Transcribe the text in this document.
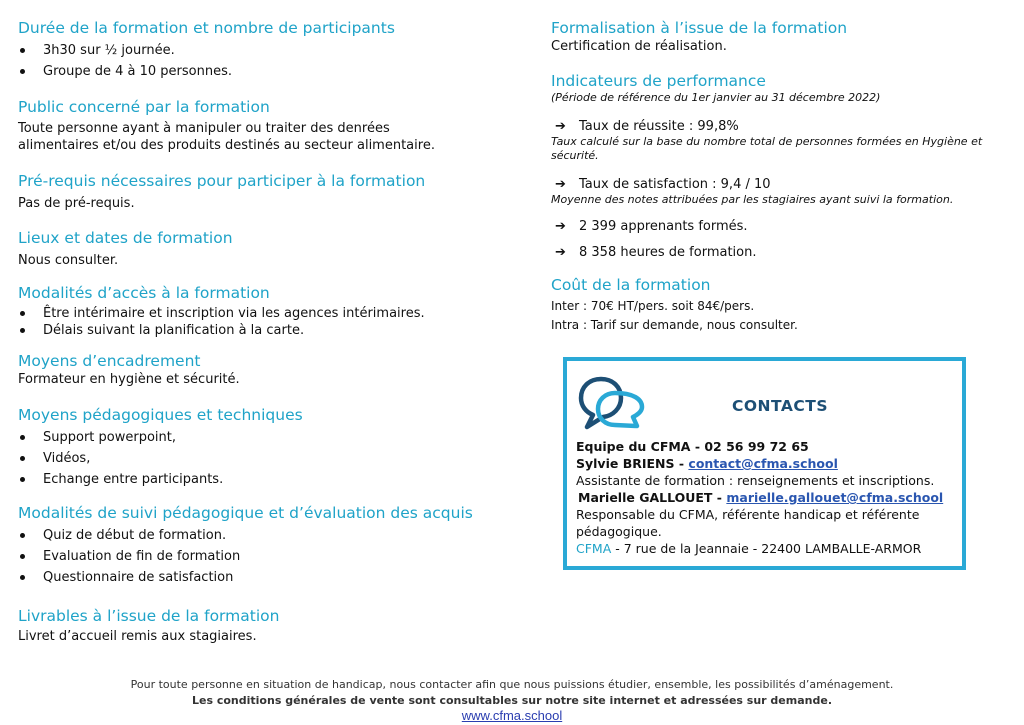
Durée de la formation et nombre de participants
3h30 sur ½ journée.
Groupe de 4 à 10 personnes.
Public concerné par la formation

Toute personne ayant à manipuler ou traiter des denrées

alimentaires et/ou des produits destinés au secteur alimentaire.

Pré-requis nécessaires pour participer à la formation

Pas de pré-requis.

Lieux et dates de formation

Nous consulter.

Modalités d’accès à la formation
Être intérimaire et inscription via les agences intérimaires.
Délais suivant la planification à la carte.
Moyens d’encadrement

Formateur en hygiène et sécurité.

Moyens pédagogiques et techniques
Support powerpoint,
Vidéos,
Echange entre participants.
Modalités de suivi pédagogique et d’évaluation des acquis
Quiz de début de formation.
Evaluation de fin de formation
Questionnaire de satisfaction
Livrables à l’issue de la formation

Livret d’accueil remis aux stagiaires.

Formalisation à l’issue de la formation

Certification de réalisation.

Indicateurs de performance
(Période de référence du 1er janvier au 31 décembre 2022)
➔ Taux de réussite : 99,8%
Taux calculé sur la base du nombre total de personnes formées en Hygiène et
sécurité.
➔ Taux de satisfaction : 9,4 / 10
Moyenne des notes attribuées par les stagiaires ayant suivi la formation.
➔ 2 399 apprenants formés.
➔ 8 358 heures de formation.
Coût de la formation

Inter : 70€ HT/pers. soit 84€/pers.

Intra : Tarif sur demande, nous consulter.

CONTACTS
Equipe du CFMA - 02 56 99 72 65
Sylvie BRIENS - contact@cfma.school
Assistante de formation : renseignements et inscriptions.
Marielle GALLOUET - marielle.gallouet@cfma.school
Responsable du CFMA, référente handicap et référente
pédagogique.
CFMA - 7 rue de la Jeannaie - 22400 LAMBALLE-ARMOR
Pour toute personne en situation de handicap, nous contacter afin que nous puissions étudier, ensemble, les possibilités d’aménagement.
Les conditions générales de vente sont consultables sur notre site internet et adressées sur demande.
www.cfma.school
